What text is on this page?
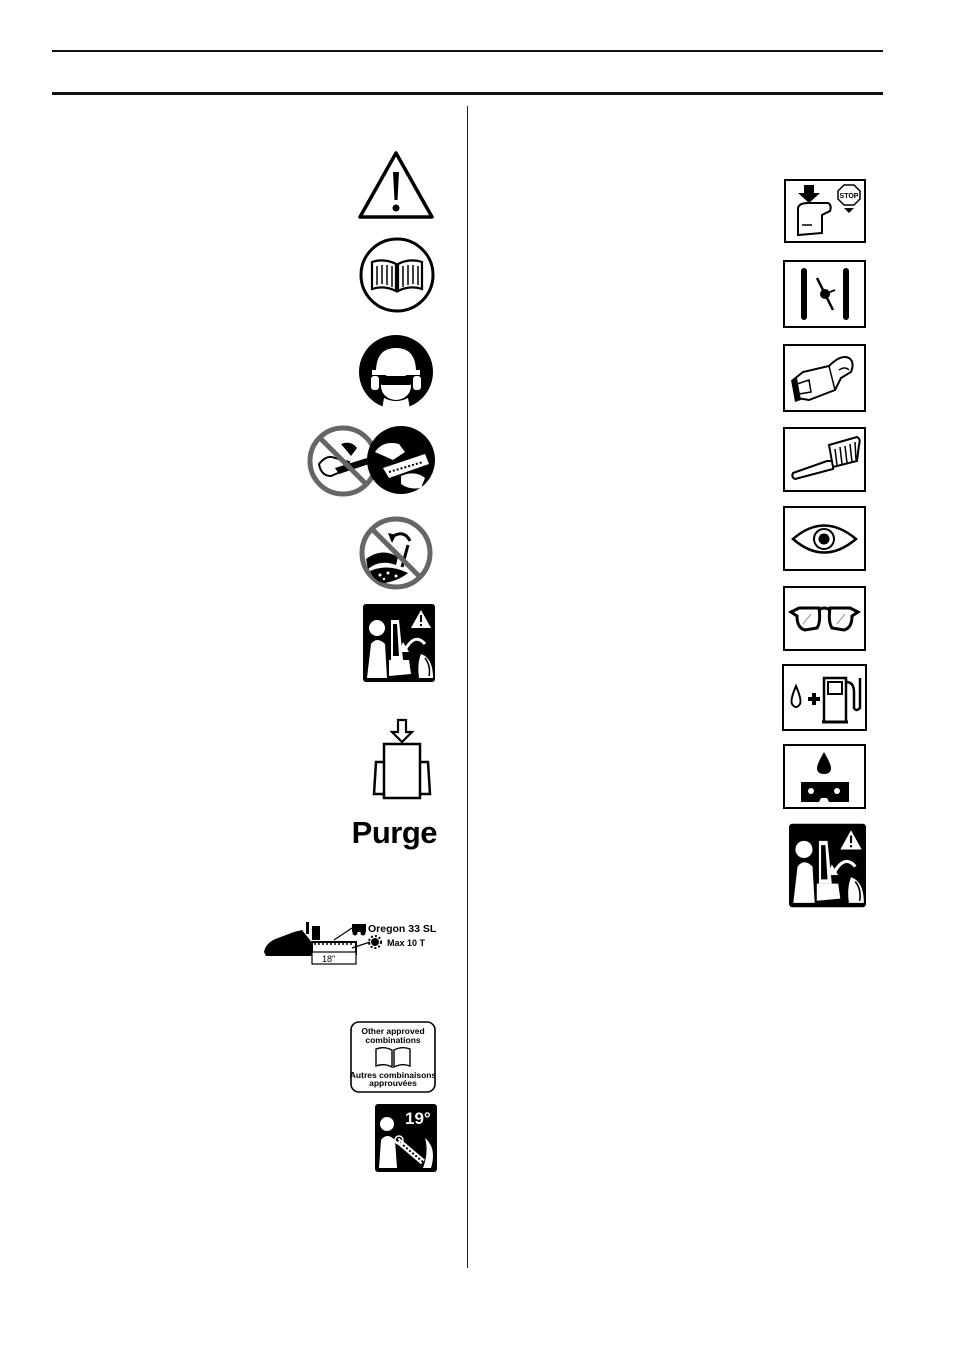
Purge
18"
Oregon 33 SL
Max 10 T
Other approved
combinations
Autres combinaisons
approuvées
19°
STOP
